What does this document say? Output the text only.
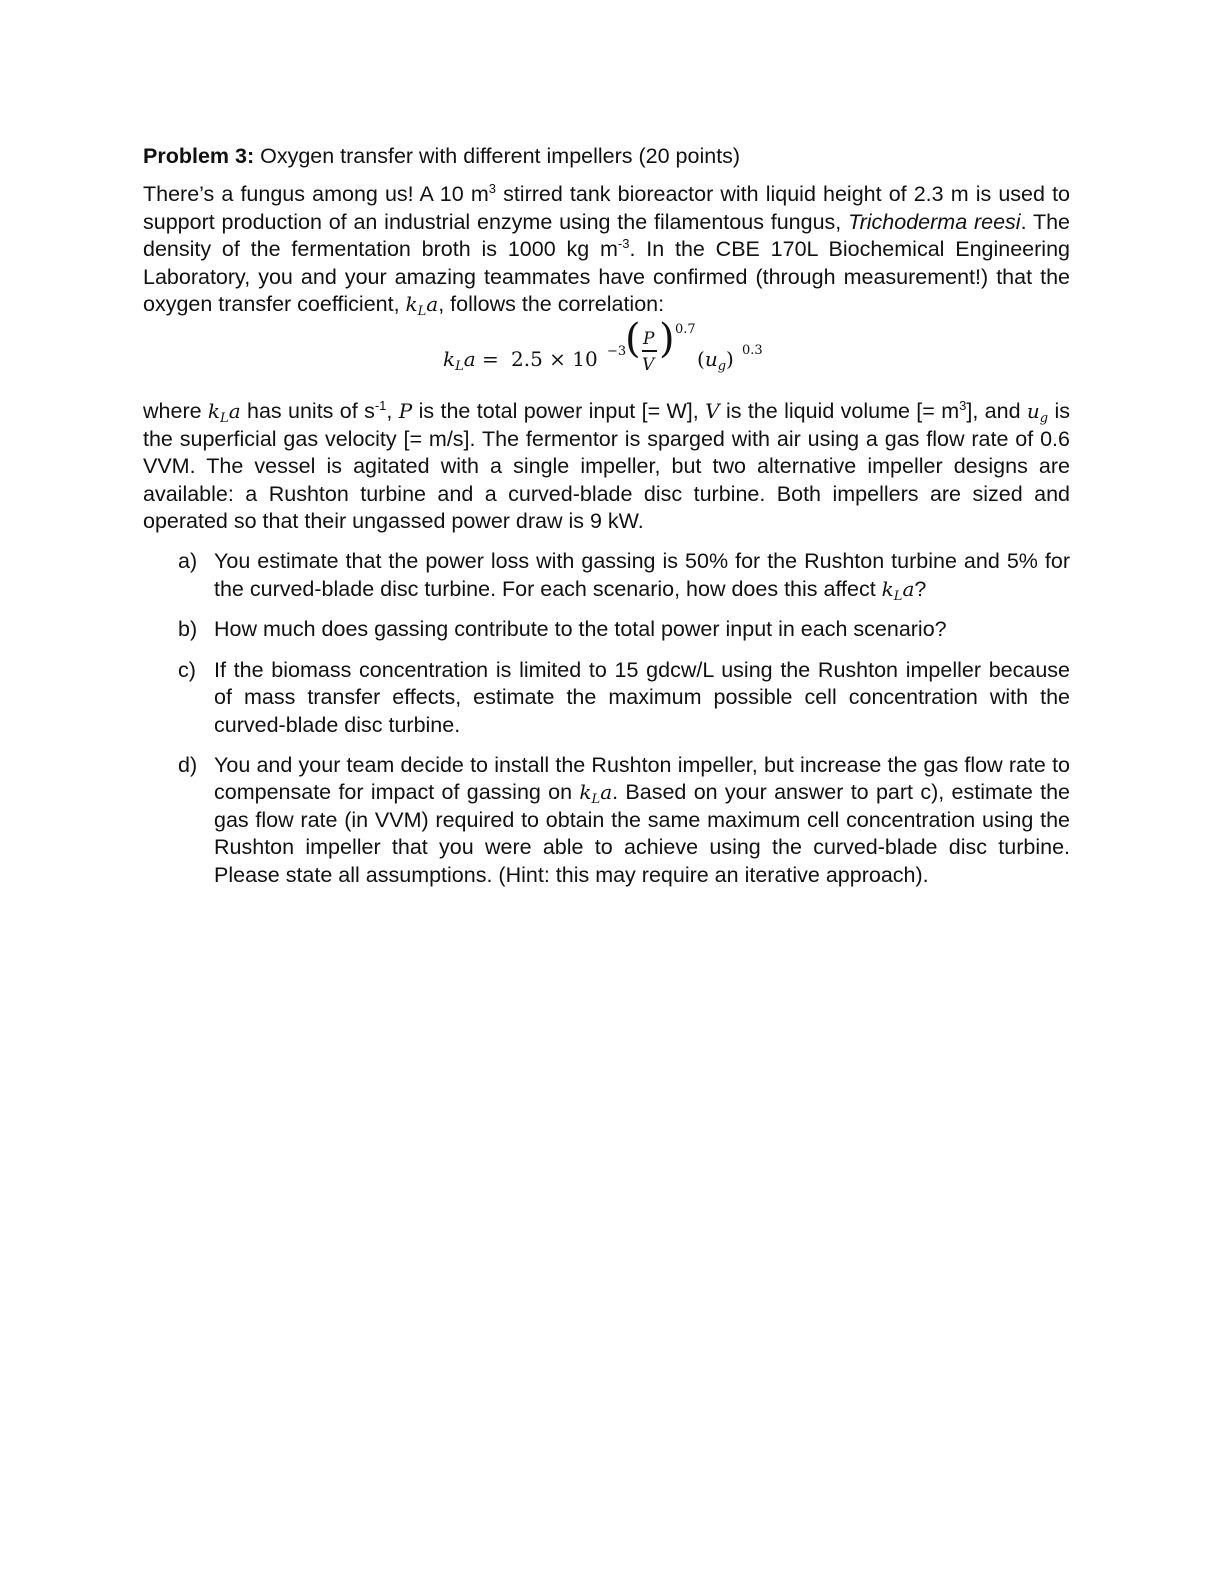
Problem 3: Oxygen transfer with different impellers (20 points)

There’s a fungus among us! A 10 $m^3$ stirred tank bioreactor with liquid height of 2.3 m is used to support production of an industrial enzyme using the filamentous fungus, Trichoderma reesi. The density of the fermentation broth is 1000 kg $m^{-3}$. In the CBE 170L Biochemical Engineering Laboratory, you and your amazing teammates have confirmed (through measurement!) that the oxygen transfer coefficient, $k_La$, follows the correlation:

$k_La = 2.5 \times 10 -3$
( P
V
) 0.7
$(u_g)$ 0.3

where $k_La$ has units of $s^{-1}$, P is the total power input [= W], V is the liquid volume [= $m^3$], and $u_g$ is the superficial gas velocity [= m/s]. The fermentor is sparged with air using a gas flow rate of 0.6 VVM. The vessel is agitated with a single impeller, but two alternative impeller designs are available: a Rushton turbine and a curved-blade disc turbine. Both impellers are sized and operated so that their ungassed power draw is 9 kW.

a) You estimate that the power loss with gassing is 50% for the Rushton turbine and 5% for the curved-blade disc turbine. For each scenario, how does this affect $k_La$?
b) How much does gassing contribute to the total power input in each scenario?
c) If the biomass concentration is limited to 15 gdcw/L using the Rushton impeller because of mass transfer effects, estimate the maximum possible cell concentration with the curved-blade disc turbine.
d) You and your team decide to install the Rushton impeller, but increase the gas flow rate to compensate for impact of gassing on $k_La$. Based on your answer to part c), estimate the gas flow rate (in VVM) required to obtain the same maximum cell concentration using the Rushton impeller that you were able to achieve using the curved-blade disc turbine. Please state all assumptions. (Hint: this may require an iterative approach).
